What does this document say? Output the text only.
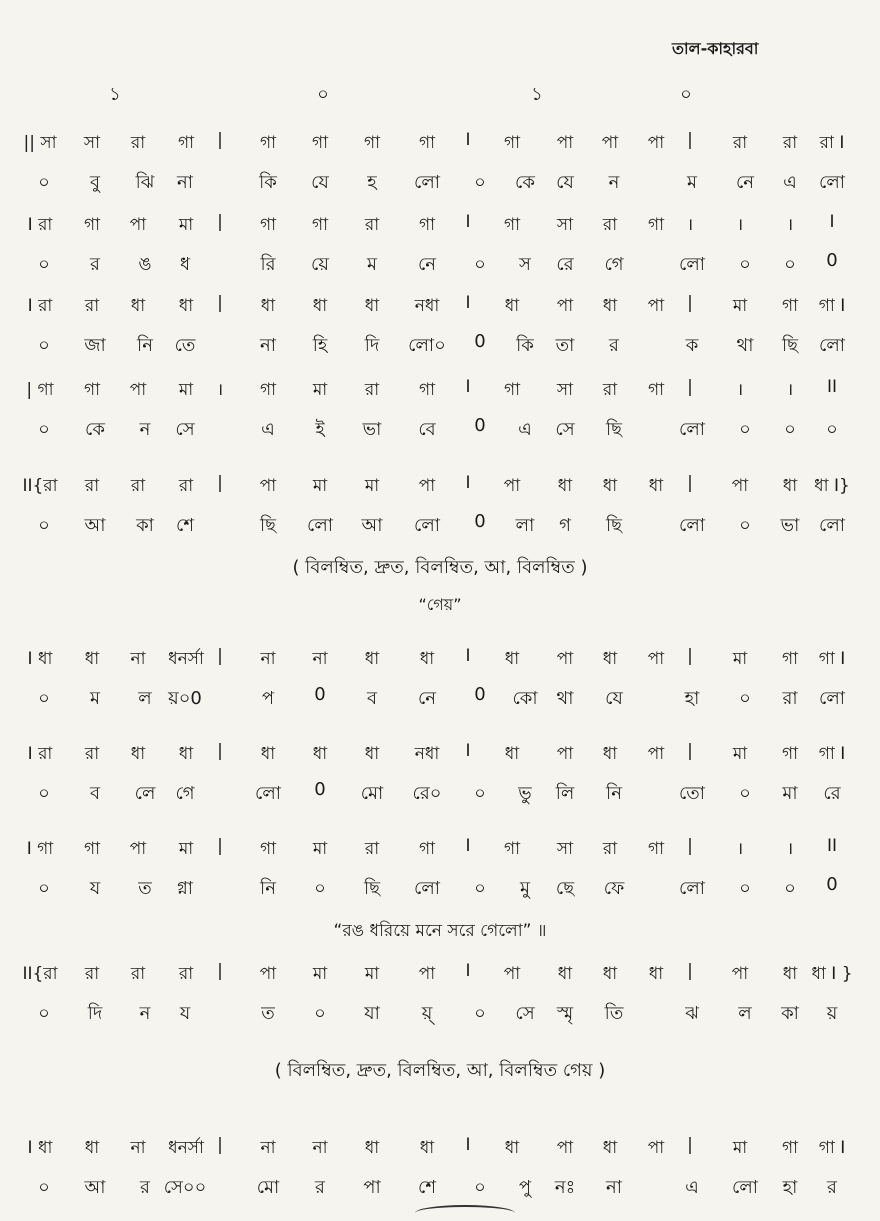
তাল-কাহারবা
১	০	১	০
|| সা সা রা গা | গা গা গা গা I গা পা পা পা | রা রা রা I
০ বু ঝি না	কি যে হ লো ০ কে যে ন	ম নে এ লো
I রা গা পা মা | গা গা রা গা I গা সা রা গা ।	।	। I
০ র ঙ ধ	রি য়ে ম নে ০ স রে গে	লো ০ ০ 0
I রা রা ধা ধা | ধা ধা ধা নধা I ধা পা ধা পা | মা গা গা I
০ জা নি তে	না হি দি লো০ 0 কি তা র	ক থা ছি লো
| গা গা পা মা । গা মা রা গা I গা সা রা গা |	।	। II
০ কে ন সে	এ ই ভা বে 0 এ সে ছি	লো ০ ০ ০
II{রা রা রা রা | পা মা মা পা I পা ধা ধা ধা | পা ধা ধা I}
০ আ কা শে	ছি লো আ লো 0 লা গ ছি	লো ০ ভা লো
I ধা ধা না ধনর্সা | না না ধা ধা I ধা পা ধা পা | মা গা গা I
০ ম ল য়০0	প 0 ব নে 0 কো থা যে	হা ০ রা লো
I রা রা ধা ধা | ধা ধা ধা নধা I ধা পা ধা পা | মা গা গা I
০ ব লে গে	লো 0 মো রে০ ০ ভু লি নি	তো ০ মা রে
I গা গা পা মা | গা মা রা গা I গা সা রা গা |	।	। II
০ য ত গ্না	নি ০ ছি লো ০ মু ছে ফে	লো ০ ০ 0
II{রা রা রা রা | পা মা মা পা I পা ধা ধা ধা | পা ধা ধা I }
০ দি ন য	ত ০ যা য়্ ০ সে স্মৃ তি	ঝ ল কা য়
I ধা ধা না ধনর্সা | না না ধা ধা I ধা পা ধা পা | মা গা গা I
০ আ র সে০০	মো র পা শে ০ পু নঃ না	এ লো হা র
( বিলম্বিত, দ্রুত, বিলম্বিত, আ, বিলম্বিত )
“গেয়”
“রঙ ধরিয়ে মনে সরে গেলো” ॥
( বিলম্বিত, দ্রুত, বিলম্বিত, আ, বিলম্বিত গেয় )
